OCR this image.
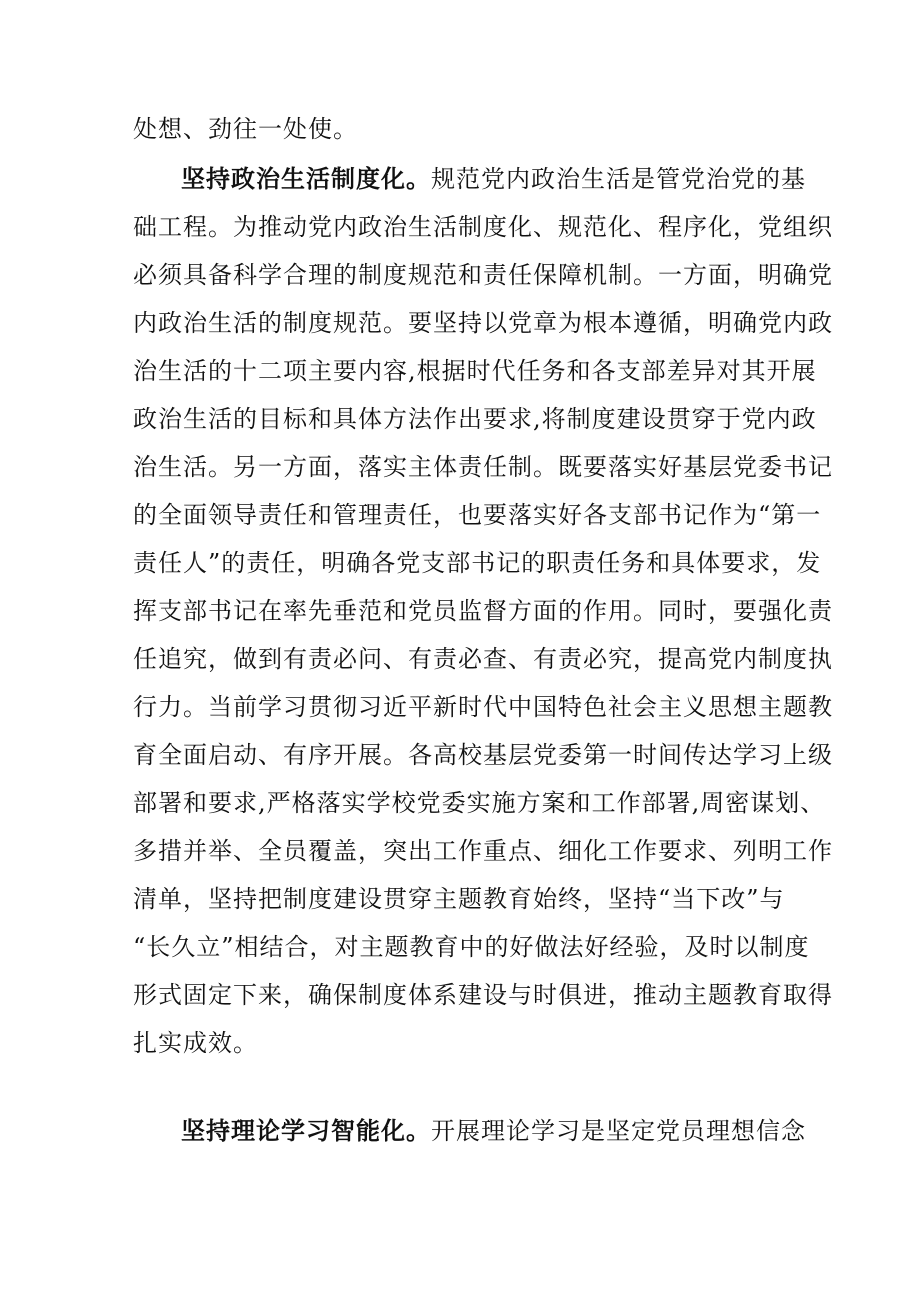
处想、劲往一处使。
坚持政治生活制度化。规范党内政治生活是管党治党的基
础工程。为推动党内政治生活制度化、规范化、程序化，党组织
必须具备科学合理的制度规范和责任保障机制。一方面，明确党
内政治生活的制度规范。要坚持以党章为根本遵循，明确党内政
治生活的十二项主要内容,根据时代任务和各支部差异对其开展
政治生活的目标和具体方法作出要求,将制度建设贯穿于党内政
治生活。另一方面，落实主体责任制。既要落实好基层党委书记
的全面领导责任和管理责任，也要落实好各支部书记作为“第一
责任人”的责任，明确各党支部书记的职责任务和具体要求，发
挥支部书记在率先垂范和党员监督方面的作用。同时，要强化责
任追究，做到有责必问、有责必查、有责必究，提高党内制度执
行力。当前学习贯彻习近平新时代中国特色社会主义思想主题教
育全面启动、有序开展。各高校基层党委第一时间传达学习上级
部署和要求,严格落实学校党委实施方案和工作部署,周密谋划、
多措并举、全员覆盖，突出工作重点、细化工作要求、列明工作
清单，坚持把制度建设贯穿主题教育始终，坚持“当下改”与
“长久立”相结合，对主题教育中的好做法好经验，及时以制度
形式固定下来，确保制度体系建设与时俱进，推动主题教育取得
扎实成效。
坚持理论学习智能化。开展理论学习是坚定党员理想信念
